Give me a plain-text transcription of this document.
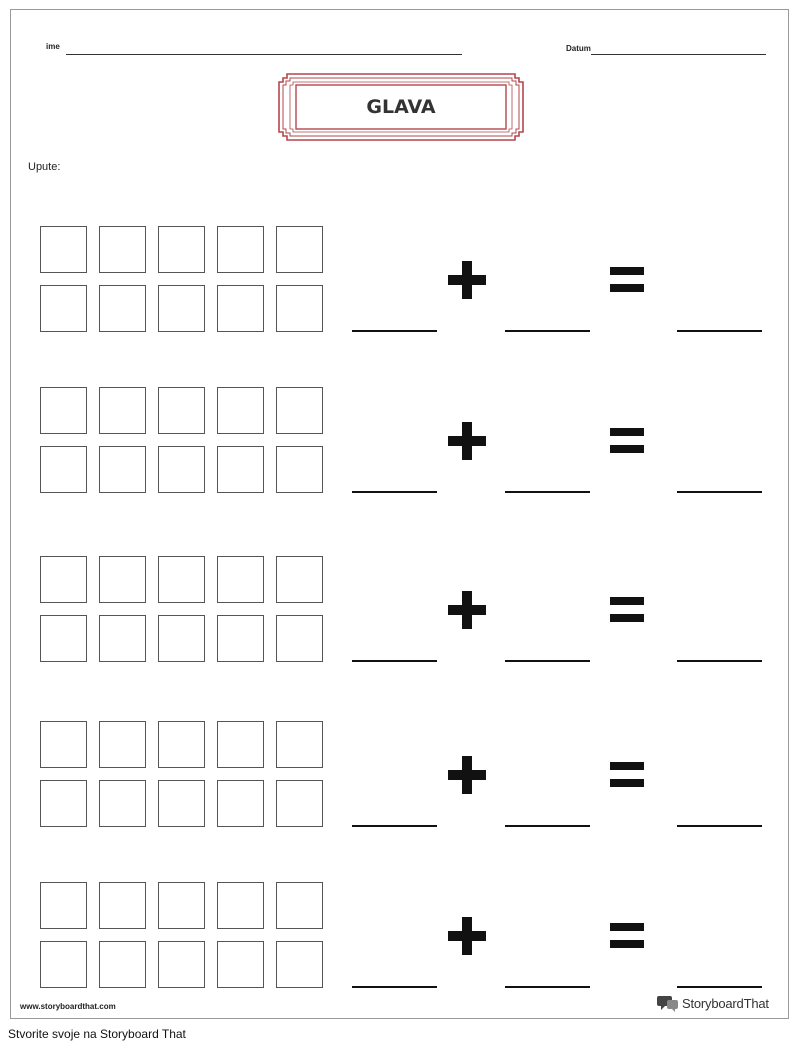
ime	Datum
GLAVA
Upute:
www.storyboardthat.com	StoryboardThat
Stvorite svoje na Storyboard That
